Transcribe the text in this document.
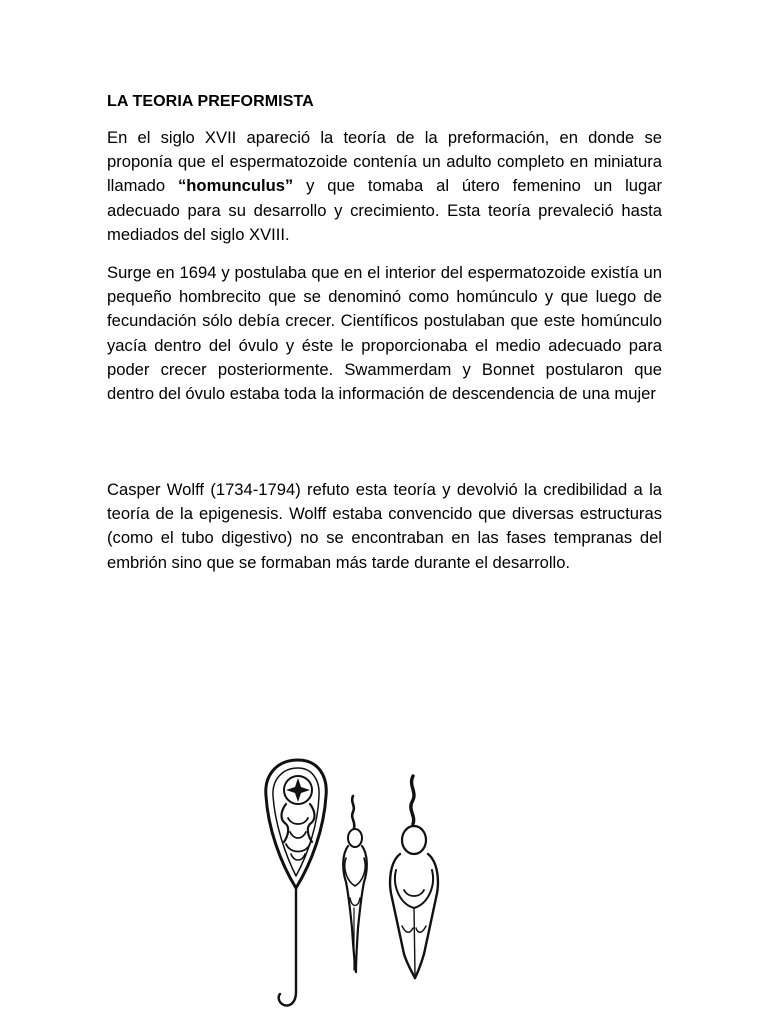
LA TEORIA PREFORMISTA

En el siglo XVII apareció la teoría de la preformación, en donde se proponía que el espermatozoide contenía un adulto completo en miniatura llamado “homunculus” y que tomaba al útero femenino un lugar adecuado para su desarrollo y crecimiento. Esta teoría prevaleció hasta mediados del siglo XVIII.

Surge en 1694 y postulaba que en el interior del espermatozoide existía un pequeño hombrecito que se denominó como homúnculo y que luego de fecundación sólo debía crecer. Científicos postulaban que este homúnculo yacía dentro del óvulo y éste le proporcionaba el medio adecuado para poder crecer posteriormente. Swammerdam y Bonnet postularon que dentro del óvulo estaba toda la información de descendencia de una mujer

Casper Wolff (1734-1794) refuto esta teoría y devolvió la credibilidad a la teoría de la epigenesis. Wolff estaba convencido que diversas estructuras (como el tubo digestivo) no se encontraban en las fases tempranas del embrión sino que se formaban más tarde durante el desarrollo.
